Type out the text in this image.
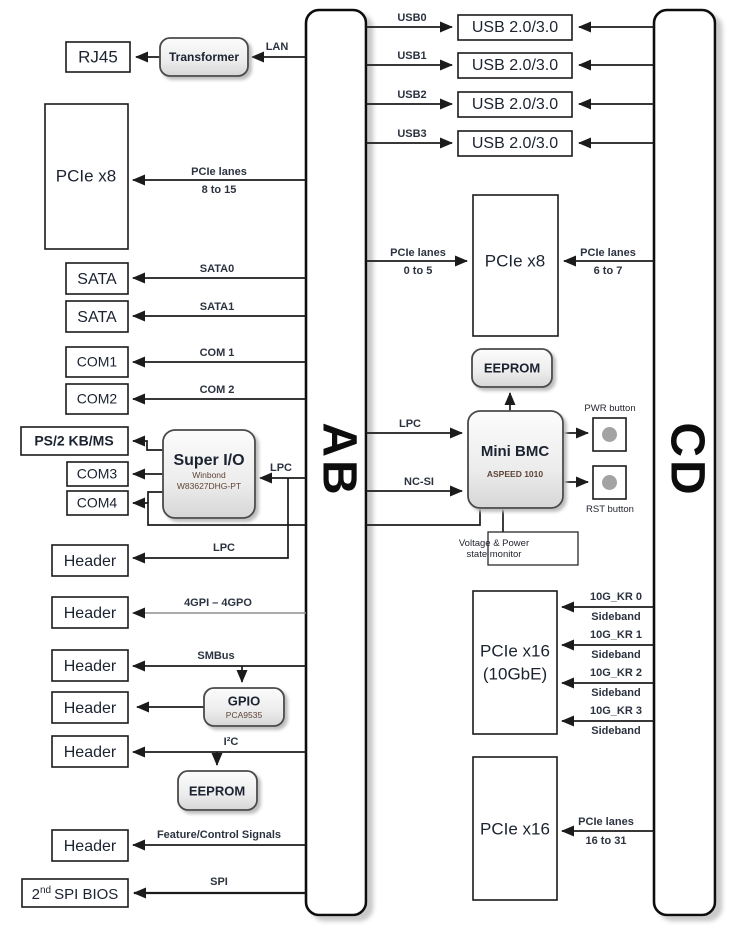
AB	CD
RJ45	Transformer
PCIe x8
SATA
SATA
COM1
COM2
PS/2 KB/MS
COM3
COM4
Super I/O
Winbond
W83627DHG-PT
Header
Header
Header
Header	GPIO
PCA9535
Header
EEPROM
Header
2nd SPI BIOS
USB 2.0/3.0
USB 2.0/3.0
USB 2.0/3.0
USB 2.0/3.0
PCIe x8
EEPROM
Mini BMC
ASPEED 1010
PWR button
RST button
Voltage & Power
state monitor
PCIe x16
(10GbE)
PCIe x16
LAN
USB0
USB1
USB2
USB3
PCIe lanes
8 to 15
SATA0
SATA1
COM 1
COM 2
PCIe lanes
0 to 5
PCIe lanes
6 to 7
LPC
NC-SI
LPC
LPC
4GPI – 4GPO
SMBus
I²C
Feature/Control Signals
SPI
10G_KR 0
Sideband
10G_KR 1
Sideband
10G_KR 2
Sideband
10G_KR 3
Sideband
PCIe lanes
16 to 31
